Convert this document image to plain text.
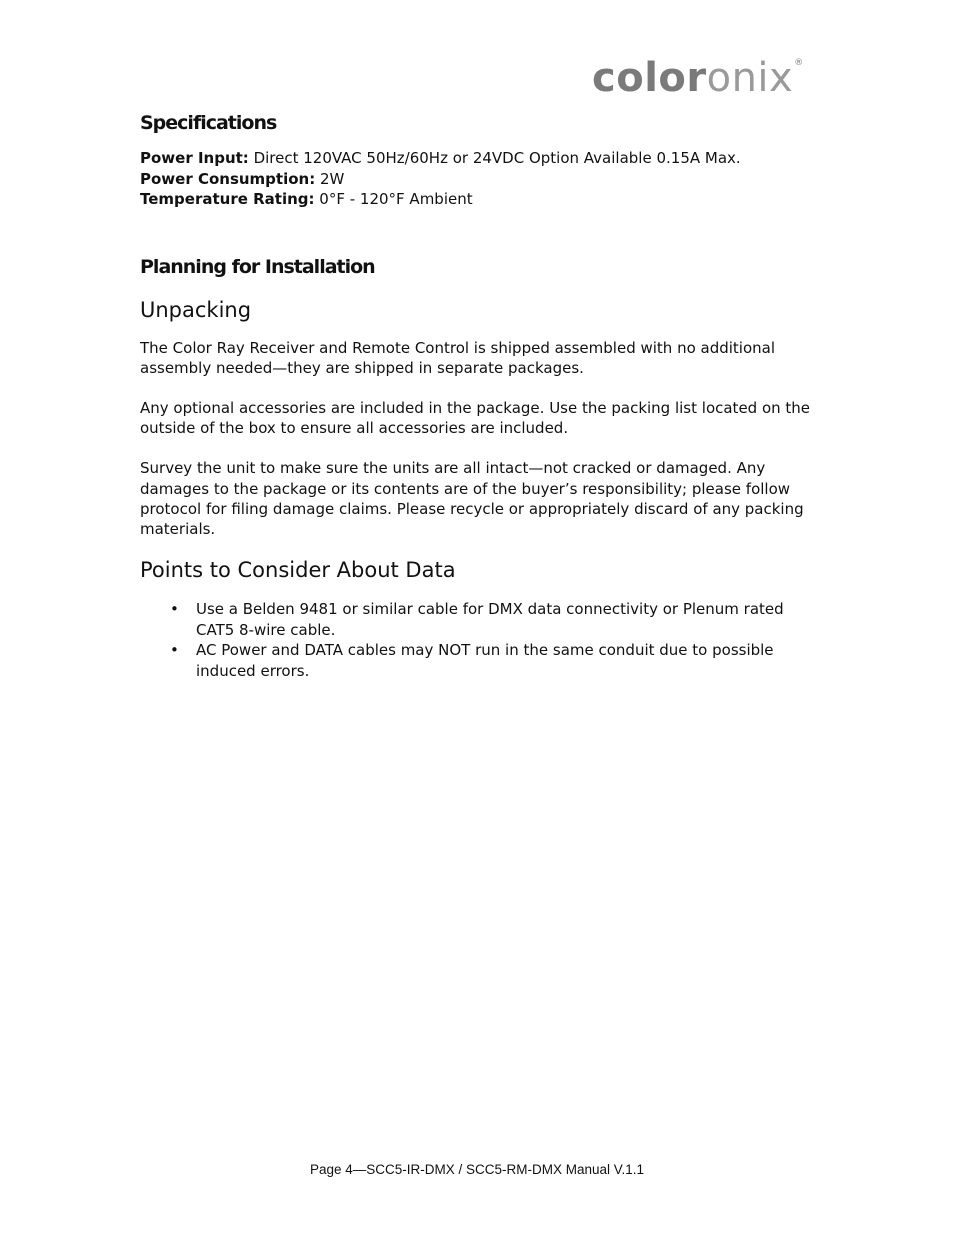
coloronix®
Specifications
Power Input: Direct 120VAC 50Hz/60Hz or 24VDC Option Available 0.15A Max.
Power Consumption: 2W
Temperature Rating: 0°F - 120°F Ambient
Planning for Installation
Unpacking

The Color Ray Receiver and Remote Control is shipped assembled with no additional assembly needed—they are shipped in separate packages.

Any optional accessories are included in the package. Use the packing list located on the outside of the box to ensure all accessories are included.

Survey the unit to make sure the units are all intact—not cracked or damaged. Any damages to the package or its contents are of the buyer’s responsibility; please follow protocol for filing damage claims. Please recycle or appropriately discard of any packing materials.

Points to Consider About Data
• Use a Belden 9481 or similar cable for DMX data connectivity or Plenum rated CAT5 8-wire cable.
• AC Power and DATA cables may NOT run in the same conduit due to possible induced errors.
Page 4—SCC5-IR-DMX / SCC5-RM-DMX Manual V.1.1
